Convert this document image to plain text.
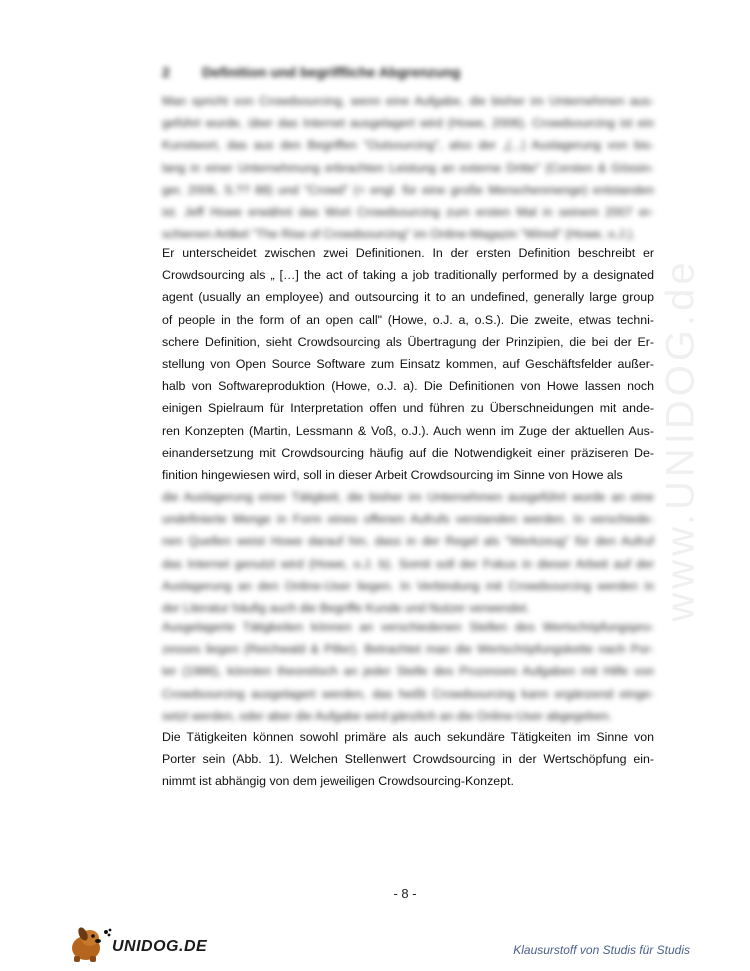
www.UNIDOG.de
2 Definition und begriffliche Abgrenzung
Man spricht von Crowdsourcing, wenn eine Aufgabe, die bisher im Unternehmen aus-
geführt wurde, über das Internet ausgelagert wird (Howe, 2006). Crowdsourcing ist ein
Kunstwort, das aus den Begriffen "Outsourcing", also der „(...) Auslagerung von bis-
lang in einer Unternehmung erbrachten Leistung an externe Dritte" (Corsten & Gössin-
ger, 2006, S.?? 88) und "Crowd" (= engl. für eine große Menschenmenge) entstanden
ist. Jeff Howe erwähnt das Wort Crowdsourcing zum ersten Mal in seinem 2007 er-
schienen Artikel "The Rise of Crowdsourcing" im Online-Magazin "Wired" (Howe, o.J.).
Er unterscheidet zwischen zwei Definitionen. In der ersten Definition beschreibt er
Crowdsourcing als „ […] the act of taking a job traditionally performed by a designated
agent (usually an employee) and outsourcing it to an undefined, generally large group
of people in the form of an open call" (Howe, o.J. a, o.S.). Die zweite, etwas techni-
schere Definition, sieht Crowdsourcing als Übertragung der Prinzipien, die bei der Er-
stellung von Open Source Software zum Einsatz kommen, auf Geschäftsfelder außer-
halb von Softwareproduktion (Howe, o.J. a). Die Definitionen von Howe lassen noch
einigen Spielraum für Interpretation offen und führen zu Überschneidungen mit ande-
ren Konzepten (Martin, Lessmann & Voß, o.J.). Auch wenn im Zuge der aktuellen Aus-
einandersetzung mit Crowdsourcing häufig auf die Notwendigkeit einer präziseren De-
finition hingewiesen wird, soll in dieser Arbeit Crowdsourcing im Sinne von Howe als
die Auslagerung einer Tätigkeit, die bisher im Unternehmen ausgeführt wurde an eine
undefinierte Menge in Form eines offenen Aufrufs verstanden werden. In verschiede-
nen Quellen weist Howe darauf hin, dass in der Regel als "Werkzeug" für den Aufruf
das Internet genutzt wird (Howe, o.J. b). Somit soll der Fokus in dieser Arbeit auf der
Auslagerung an den Online-User liegen. In Verbindung mit Crowdsourcing werden in
der Literatur häufig auch die Begriffe Kunde und Nutzer verwendet.
Ausgelagerte Tätigkeiten können an verschiedenen Stellen des Wertschöpfungspro-
zesses liegen (Reichwald & Piller). Betrachtet man die Wertschöpfungskette nach Por-
ter (1986), könnten theoretisch an jeder Stelle des Prozesses Aufgaben mit Hilfe von
Crowdsourcing ausgelagert werden, das heißt Crowdsourcing kann ergänzend einge-
setzt werden, oder aber die Aufgabe wird gänzlich an die Online-User abgegeben.
Die Tätigkeiten können sowohl primäre als auch sekundäre Tätigkeiten im Sinne von
Porter sein (Abb. 1). Welchen Stellenwert Crowdsourcing in der Wertschöpfung ein-
nimmt ist abhängig von dem jeweiligen Crowdsourcing-Konzept.
- 8 -
UNIDOG.DE	Klausurstoff von Studis für Studis
